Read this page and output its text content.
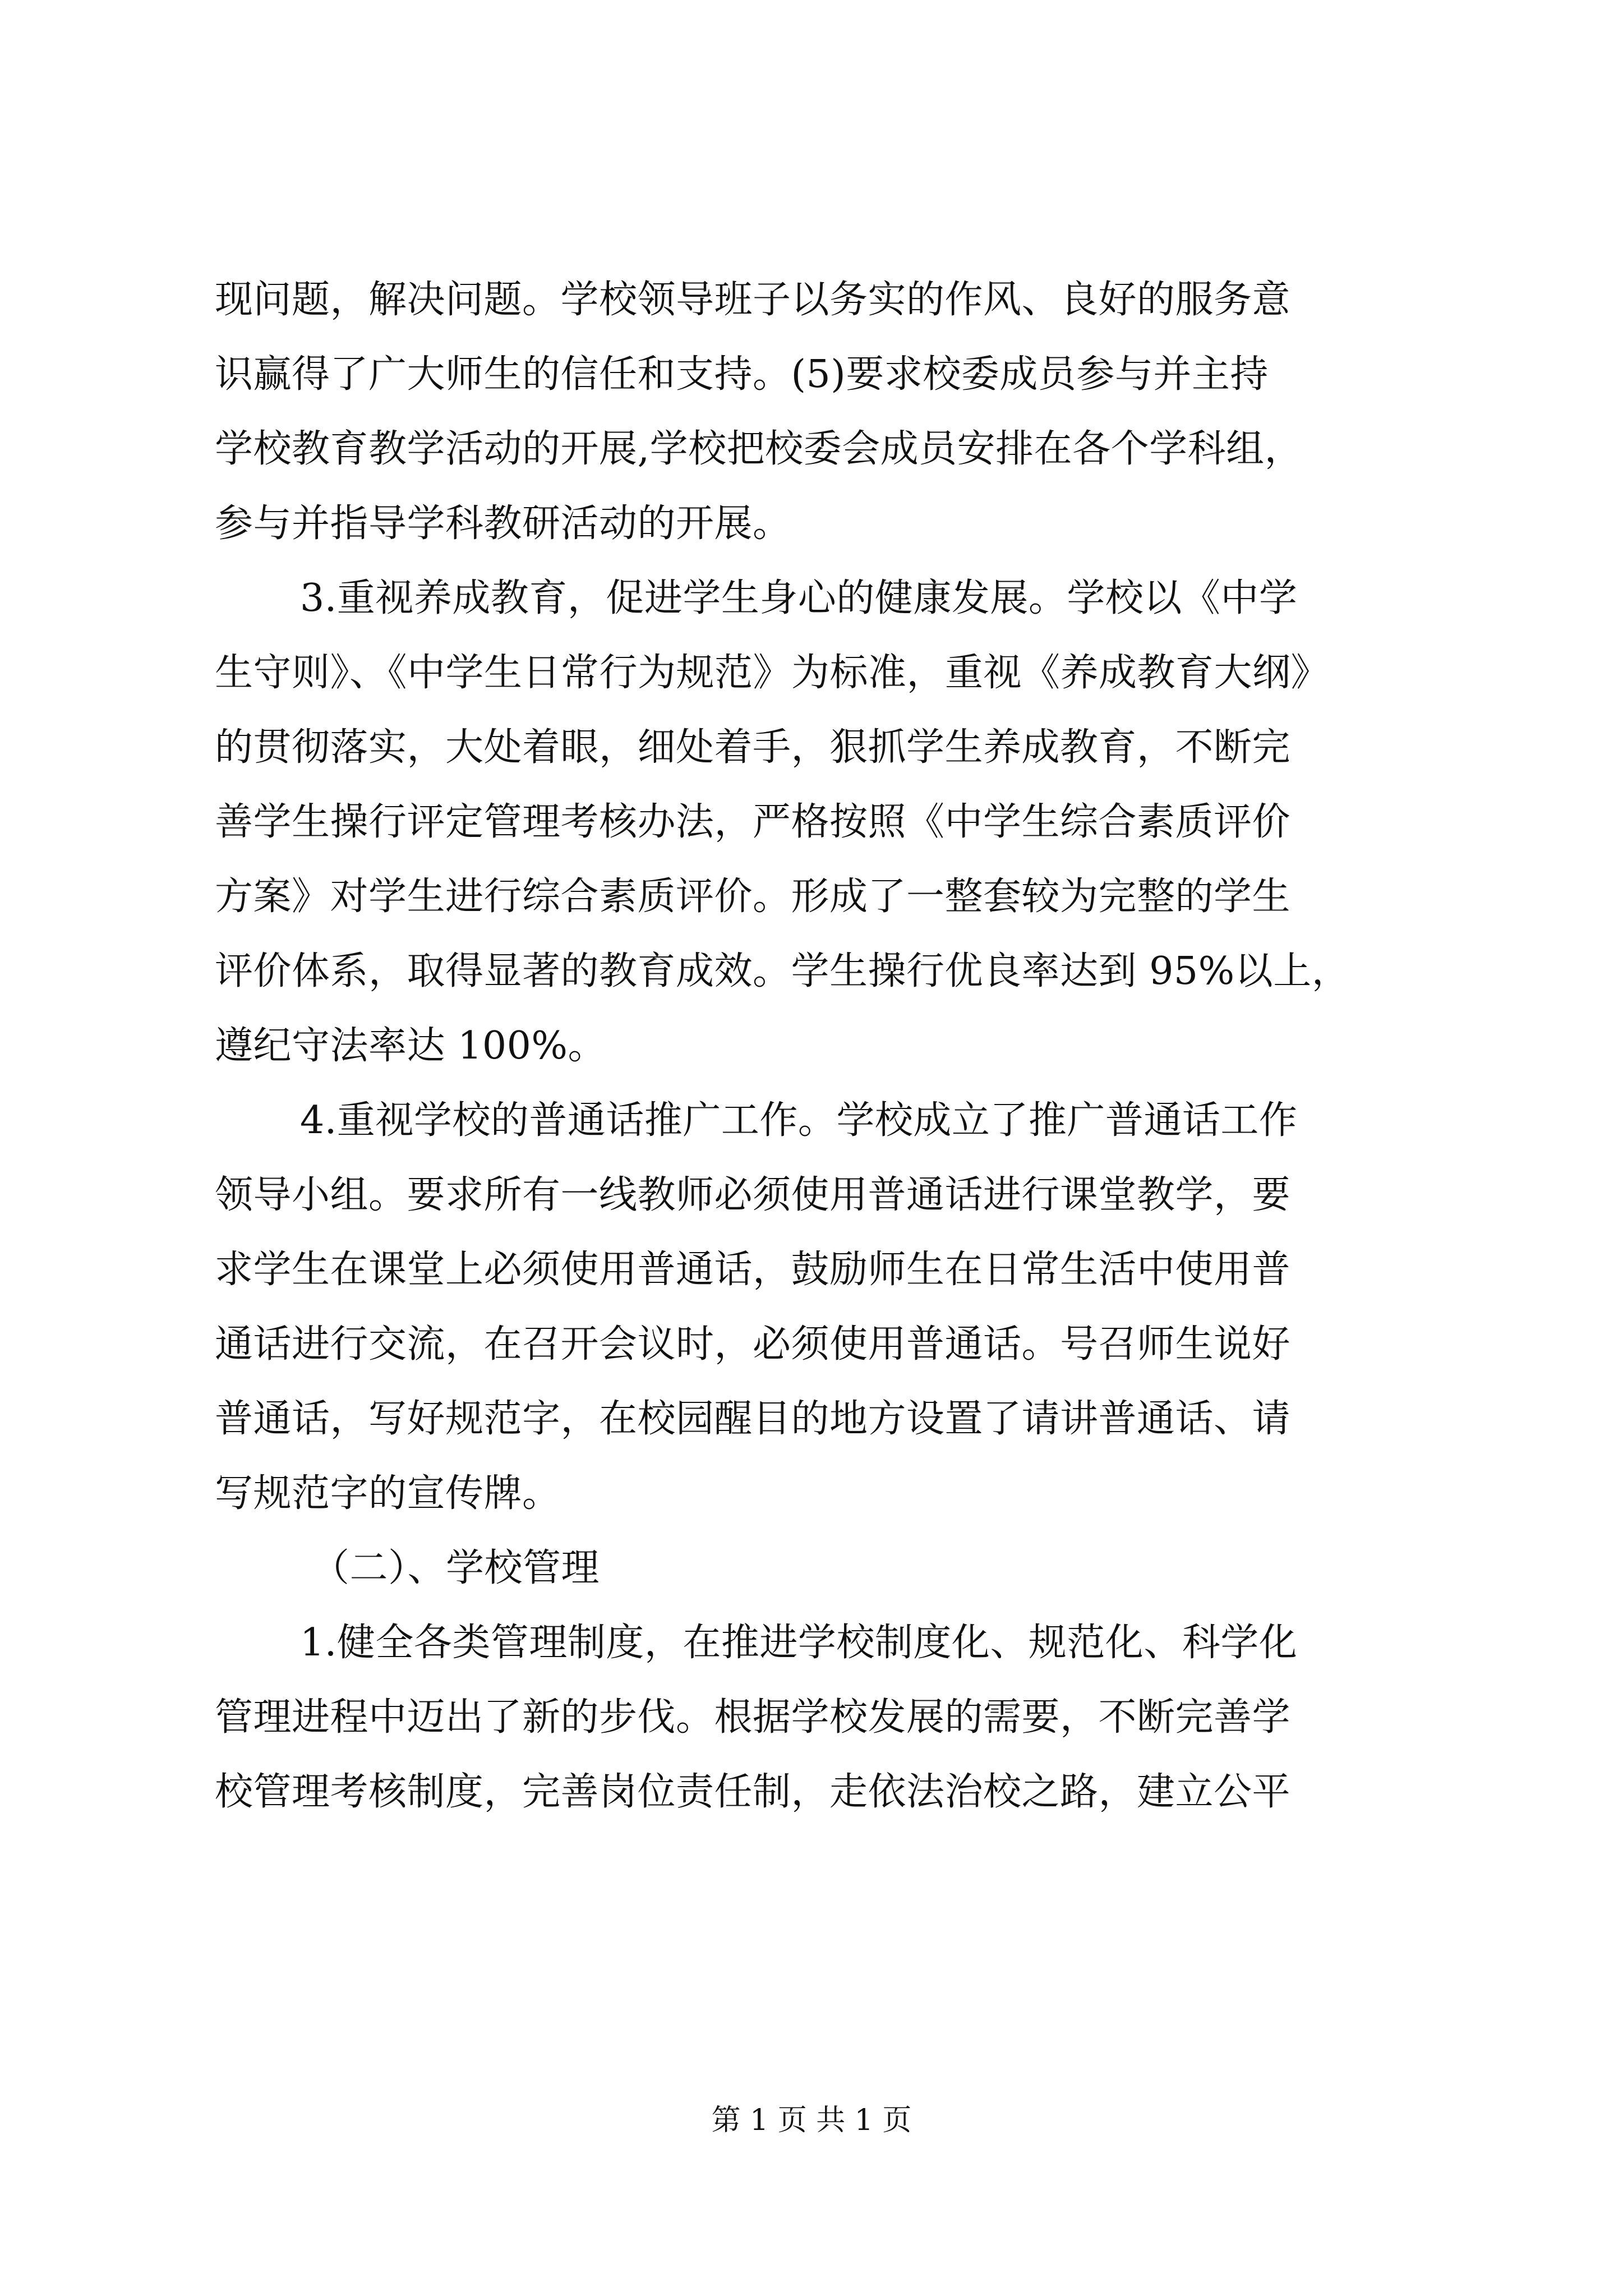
现问题，解决问题。学校领导班子以务实的作风、良好的服务意
识赢得了广大师生的信任和支持。(5)要求校委成员参与并主持
学校教育教学活动的开展,学校把校委会成员安排在各个学科组，
参与并指导学科教研活动的开展。
3.重视养成教育，促进学生身心的健康发展。学校以《中学
生守则》、《中学生日常行为规范》为标准，重视《养成教育大纲》
的贯彻落实，大处着眼，细处着手，狠抓学生养成教育，不断完
善学生操行评定管理考核办法，严格按照《中学生综合素质评价
方案》对学生进行综合素质评价。形成了一整套较为完整的学生
评价体系，取得显著的教育成效。学生操行优良率达到 95%以上，
遵纪守法率达 100%。
4.重视学校的普通话推广工作。学校成立了推广普通话工作
领导小组。要求所有一线教师必须使用普通话进行课堂教学，要
求学生在课堂上必须使用普通话，鼓励师生在日常生活中使用普
通话进行交流，在召开会议时，必须使用普通话。号召师生说好
普通话，写好规范字，在校园醒目的地方设置了请讲普通话、请
写规范字的宣传牌。
（二）、学校管理
1.健全各类管理制度，在推进学校制度化、规范化、科学化
管理进程中迈出了新的步伐。根据学校发展的需要，不断完善学
校管理考核制度，完善岗位责任制，走依法治校之路，建立公平
第 1 页 共 1 页
